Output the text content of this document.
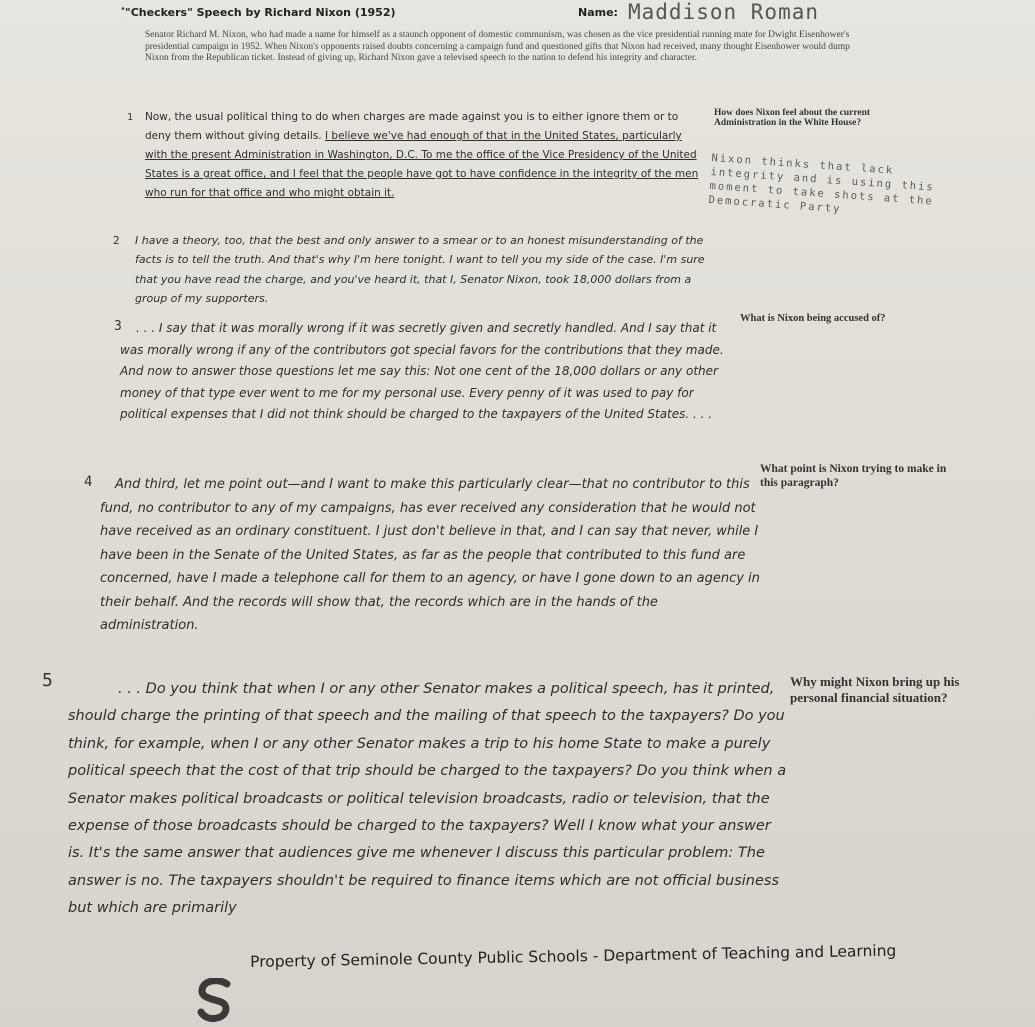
• "Checkers" Speech by Richard Nixon (1952)	Name: Maddison Roman
Senator Richard M. Nixon, who had made a name for himself as a staunch opponent of domestic communism, was chosen as the vice presidential running mate for Dwight Eisenhower's presidential campaign in 1952. When Nixon's opponents raised doubts concerning a campaign fund and questioned gifts that Nixon had received, many thought Eisenhower would dump Nixon from the Republican ticket. Instead of giving up, Richard Nixon gave a televised speech to the nation to defend his integrity and character.
1 Now, the usual political thing to do when charges are made against you is to either ignore them or to deny them without giving details. I believe we've had enough of that in the United States, particularly with the present Administration in Washington, D.C. To me the office of the Vice Presidency of the United States is a great office, and I feel that the people have got to have confidence in the integrity of the men who run for that office and who might obtain it.
2 I have a theory, too, that the best and only answer to a smear or to an honest misunderstanding of the facts is to tell the truth. And that's why I'm here tonight. I want to tell you my side of the case. I'm sure that you have read the charge, and you've heard it, that I, Senator Nixon, took 18,000 dollars from a group of my supporters.
3 . . . I say that it was morally wrong if it was secretly given and secretly handled. And I say that it was morally wrong if any of the contributors got special favors for the contributions that they made. And now to answer those questions let me say this: Not one cent of the 18,000 dollars or any other money of that type ever went to me for my personal use. Every penny of it was used to pay for political expenses that I did not think should be charged to the taxpayers of the United States. . . .
4 And third, let me point out—and I want to make this particularly clear—that no contributor to this fund, no contributor to any of my campaigns, has ever received any consideration that he would not have received as an ordinary constituent. I just don't believe in that, and I can say that never, while I have been in the Senate of the United States, as far as the people that contributed to this fund are concerned, have I made a telephone call for them to an agency, or have I gone down to an agency in their behalf. And the records will show that, the records which are in the hands of the administration.
5	. . . Do you think that when I or any other Senator makes a political speech, has it printed, should charge the printing of that speech and the mailing of that speech to the taxpayers? Do you think, for example, when I or any other Senator makes a trip to his home State to make a purely political speech that the cost of that trip should be charged to the taxpayers? Do you think when a Senator makes political broadcasts or political television broadcasts, radio or television, that the expense of those broadcasts should be charged to the taxpayers? Well I know what your answer is. It's the same answer that audiences give me whenever I discuss this particular problem: The answer is no. The taxpayers shouldn't be required to finance items which are not official business but which are primarily
How does Nixon feel about the current Administration in the White House?
What is Nixon being accused of?
What point is Nixon trying to make in this paragraph?
Why might Nixon bring up his personal financial situation?
Nixon thinks that lack integrity and is using this moment to take shots at the Democratic Party
Property of Seminole County Public Schools - Department of Teaching and Learning
